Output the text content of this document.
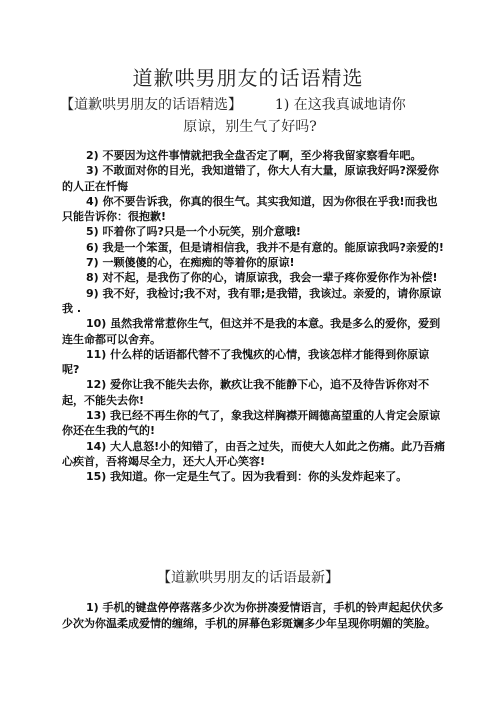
道歉哄男朋友的话语精选
【道歉哄男朋友的话语精选】 1) 在这我真诚地请你
原谅，别生气了好吗?

2) 不要因为这件事情就把我全盘否定了啊，至少将我留家察看年吧。

3) 不敢面对你的目光，我知道错了，你大人有大量，原谅我好吗?深爱你的人正在忏悔

4) 你不要告诉我，你真的很生气。其实我知道，因为你很在乎我!而我也只能告诉你：很抱歉!

5) 吓着你了吗?只是一个小玩笑，别介意哦!

6) 我是一个笨蛋，但是请相信我，我并不是有意的。能原谅我吗?亲爱的!

7) 一颗傻傻的心，在痴痴的等着你的原谅!

8) 对不起，是我伤了你的心，请原谅我，我会一辈子疼你爱你作为补偿!

9) 我不好，我检讨;我不对，我有罪;是我错，我该过。亲爱的，请你原谅我 .

10) 虽然我常常惹你生气，但这并不是我的本意。我是多么的爱你，爱到连生命都可以舍弃。

11) 什么样的话语都代替不了我愧疚的心情，我该怎样才能得到你原谅呢?

12) 爱你让我不能失去你，歉疚让我不能静下心，追不及待告诉你对不起，不能失去你!

13) 我已经不再生你的气了，象我这样胸襟开阔德高望重的人肯定会原谅你还在生我的气的!

14) 大人息怒!小的知错了，由吾之过失，而使大人如此之伤痛。此乃吾痛心疾首，吾将竭尽全力，还大人开心笑容!

15) 我知道。你一定是生气了。因为我看到：你的头发炸起来了。

【道歉哄男朋友的话语最新】

1) 手机的键盘停停落落多少次为你拼凑爱情语言，手机的铃声起起伏伏多少次为你温柔成爱情的缠绵，手机的屏幕色彩斑斓多少年呈现你明媚的笑脸。
